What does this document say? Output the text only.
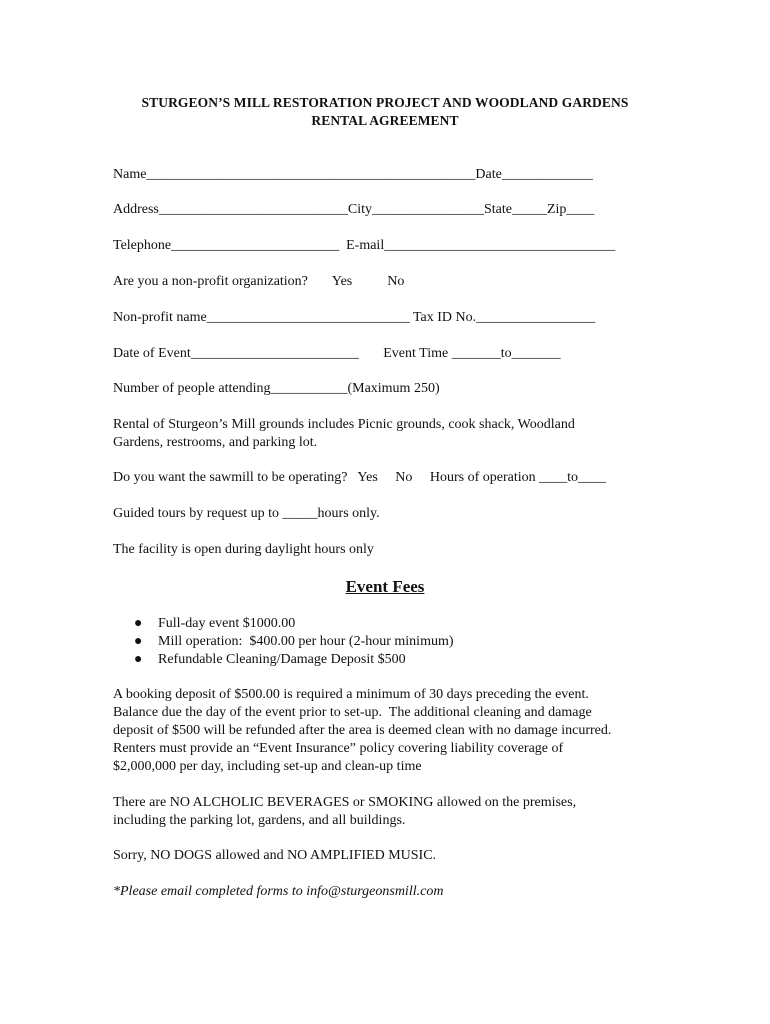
STURGEON’S MILL RESTORATION PROJECT AND WOODLAND GARDENS
RENTAL AGREEMENT
Name_______________________________________________Date_____________
Address___________________________City________________State_____Zip____
Telephone________________________  E-mail_________________________________
Are you a non-profit organization?       Yes          No
Non-profit name_____________________________ Tax ID No._________________
Date of Event________________________       Event Time _______to_______
Number of people attending___________(Maximum 250)
Rental of Sturgeon’s Mill grounds includes Picnic grounds, cook shack, Woodland
Gardens, restrooms, and parking lot.
Do you want the sawmill to be operating?   Yes     No     Hours of operation ____to____
Guided tours by request up to _____hours only.
The facility is open during daylight hours only
Event Fees

●

Full-day event $1000.00

●

Mill operation:  $400.00 per hour (2-hour minimum)

●

Refundable Cleaning/Damage Deposit $500

A booking deposit of $500.00 is required a minimum of 30 days preceding the event.
Balance due the day of the event prior to set-up.  The additional cleaning and damage
deposit of $500 will be refunded after the area is deemed clean with no damage incurred.
Renters must provide an “Event Insurance” policy covering liability coverage of
$2,000,000 per day, including set-up and clean-up time
There are NO ALCHOLIC BEVERAGES or SMOKING allowed on the premises,
including the parking lot, gardens, and all buildings.
Sorry, NO DOGS allowed and NO AMPLIFIED MUSIC.
*Please email completed forms to info@sturgeonsmill.com
